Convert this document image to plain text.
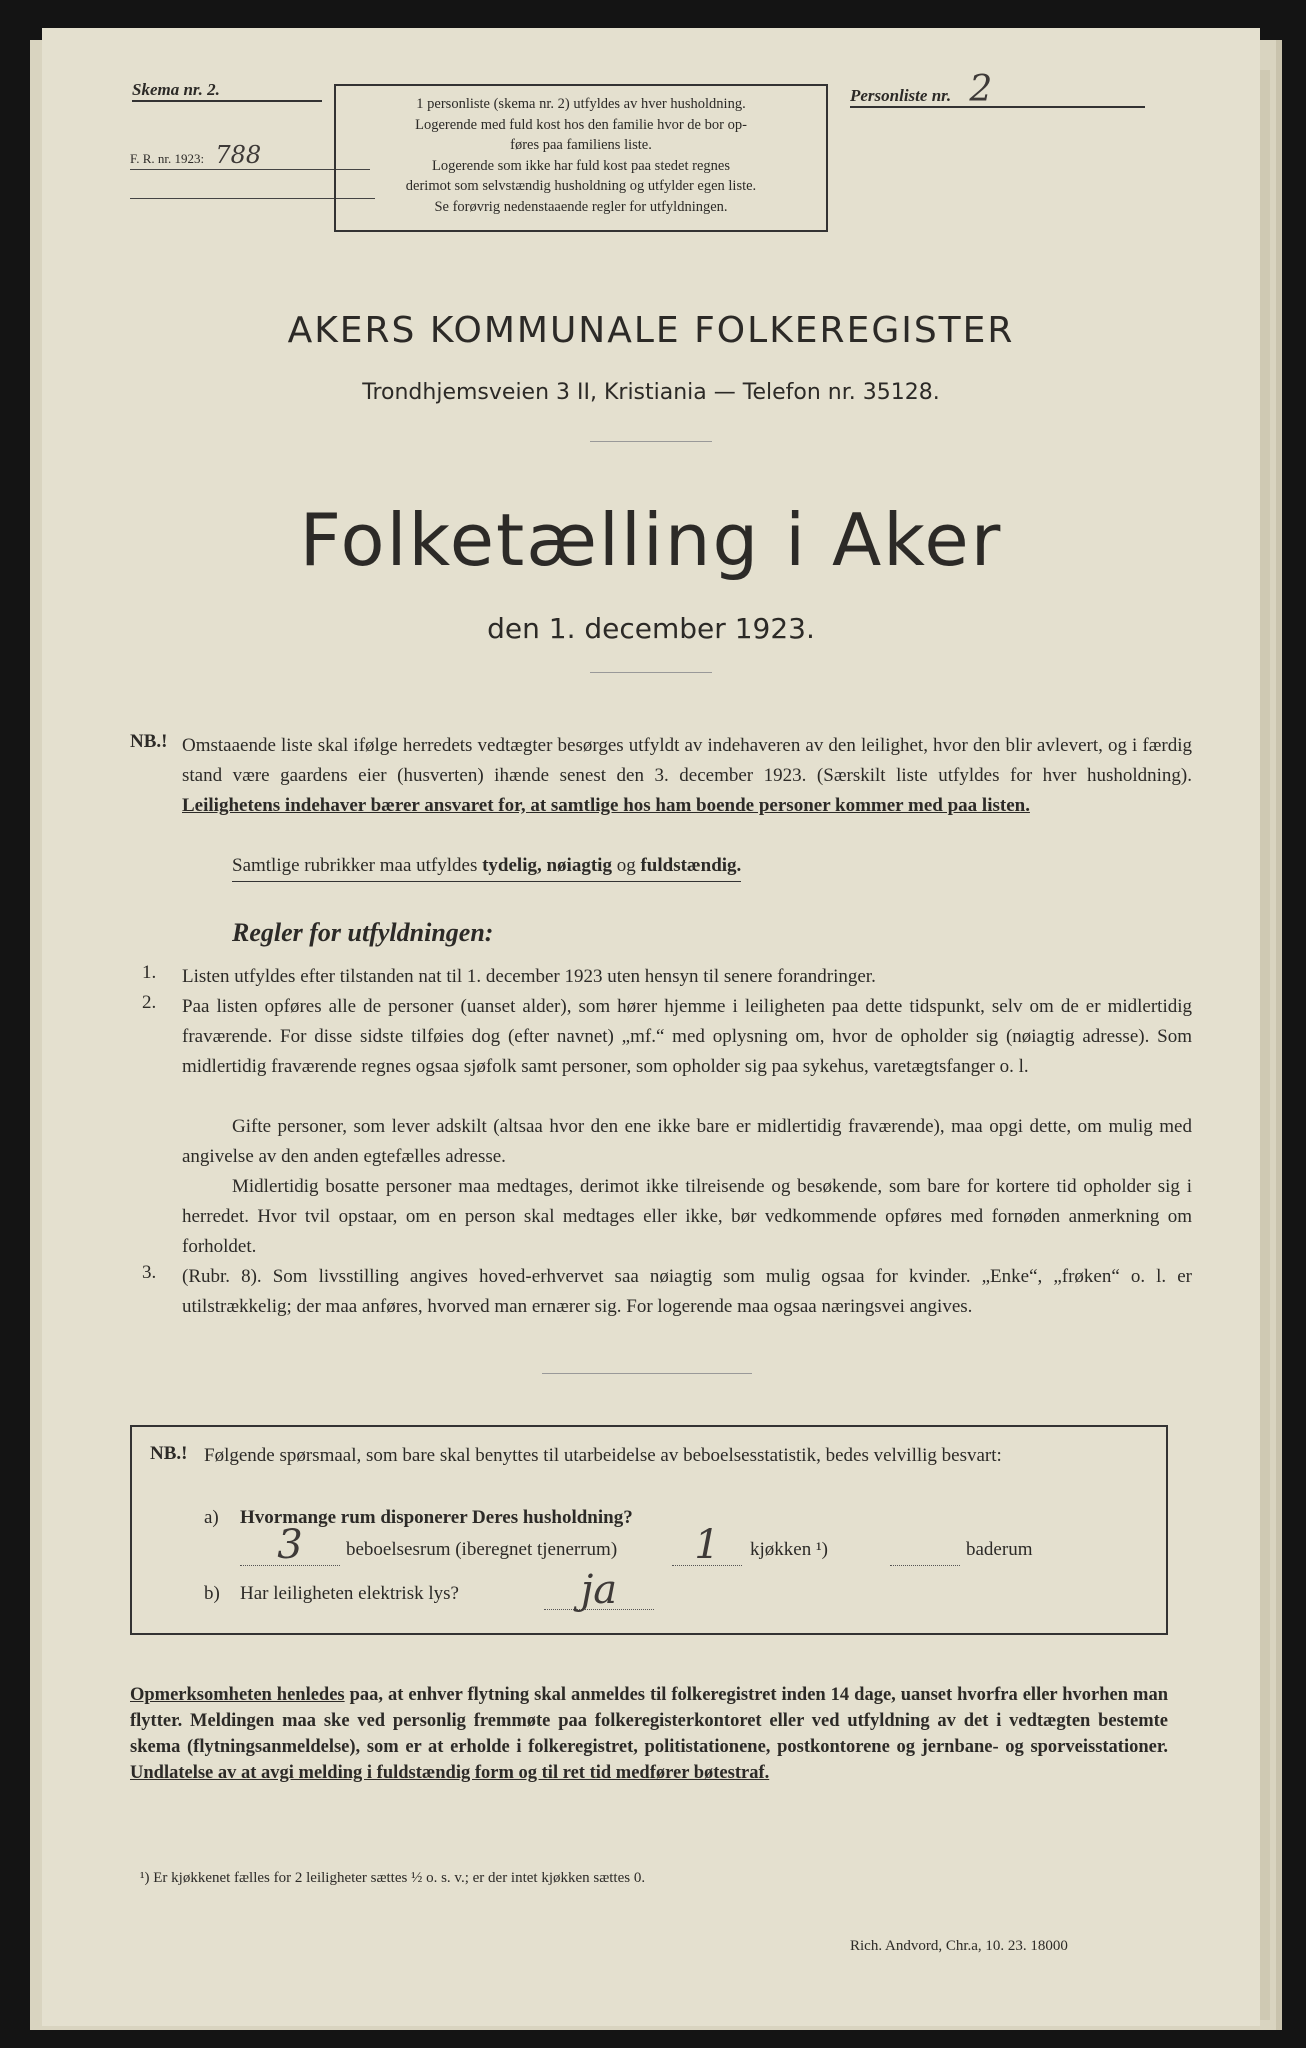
Skema nr. 2.
F. R. nr. 1923: 788
1 personliste (skema nr. 2) utfyldes av hver husholdning.
Logerende med fuld kost hos den familie hvor de bor op-
føres paa familiens liste.
Logerende som ikke har fuld kost paa stedet regnes
derimot som selvstændig husholdning og utfylder egen liste.
Se forøvrig nedenstaaende regler for utfyldningen.
Personliste nr. 2
AKERS KOMMUNALE FOLKEREGISTER
Trondhjemsveien 3 II, Kristiania — Telefon nr. 35128.
Folketælling i Aker
den 1. december 1923.
NB.! Omstaaende liste skal ifølge herredets vedtægter besørges utfyldt av indehaveren av den leilighet, hvor den blir avlevert, og i færdig stand være gaardens eier (husverten) ihænde senest den 3. december 1923. (Særskilt liste utfyldes for hver husholdning). Leilighetens indehaver bærer ansvaret for, at samtlige hos ham boende personer kommer med paa listen.
Samtlige rubrikker maa utfyldes tydelig, nøiagtig og fuldstændig.
Regler for utfyldningen:
1. Listen utfyldes efter tilstanden nat til 1. december 1923 uten hensyn til senere forandringer.
2. Paa listen opføres alle de personer (uanset alder), som hører hjemme i leiligheten paa dette tidspunkt, selv om de er midlertidig fraværende. For disse sidste tilføies dog (efter navnet) „mf.“ med oplysning om, hvor de opholder sig (nøiagtig adresse). Som midlertidig fraværende regnes ogsaa sjøfolk samt personer, som opholder sig paa sykehus, varetægtsfanger o. l.
Gifte personer, som lever adskilt (altsaa hvor den ene ikke bare er midlertidig fraværende), maa opgi dette, om mulig med angivelse av den anden egtefælles adresse.
Midlertidig bosatte personer maa medtages, derimot ikke tilreisende og besøkende, som bare for kortere tid opholder sig i herredet. Hvor tvil opstaar, om en person skal medtages eller ikke, bør vedkommende opføres med fornøden anmerkning om forholdet.
3. (Rubr. 8). Som livsstilling angives hoved-erhvervet saa nøiagtig som mulig ogsaa for kvinder. „Enke“, „frøken“ o. l. er utilstrækkelig; der maa anføres, hvorved man ernærer sig. For logerende maa ogsaa næringsvei angives.
NB.! Følgende spørsmaal, som bare skal benyttes til utarbeidelse av beboelsesstatistik, bedes velvillig besvart:
a) Hvormange rum disponerer Deres husholdning?
3	beboelsesrum (iberegnet tjenerrum)	1	kjøkken ¹)	baderum
b) Har leiligheten elektrisk lys?	ja
Opmerksomheten henledes paa, at enhver flytning skal anmeldes til folkeregistret inden 14 dage, uanset hvorfra eller hvorhen man flytter. Meldingen maa ske ved personlig fremmøte paa folkeregisterkontoret eller ved utfyldning av det i vedtægten bestemte skema (flytningsanmeldelse), som er at erholde i folkeregistret, politistationene, postkontorene og jernbane- og sporveisstationer. Undlatelse av at avgi melding i fuldstændig form og til ret tid medfører bøtestraf.
¹) Er kjøkkenet fælles for 2 leiligheter sættes ½ o. s. v.; er der intet kjøkken sættes 0.
Rich. Andvord, Chr.a, 10. 23. 18000
